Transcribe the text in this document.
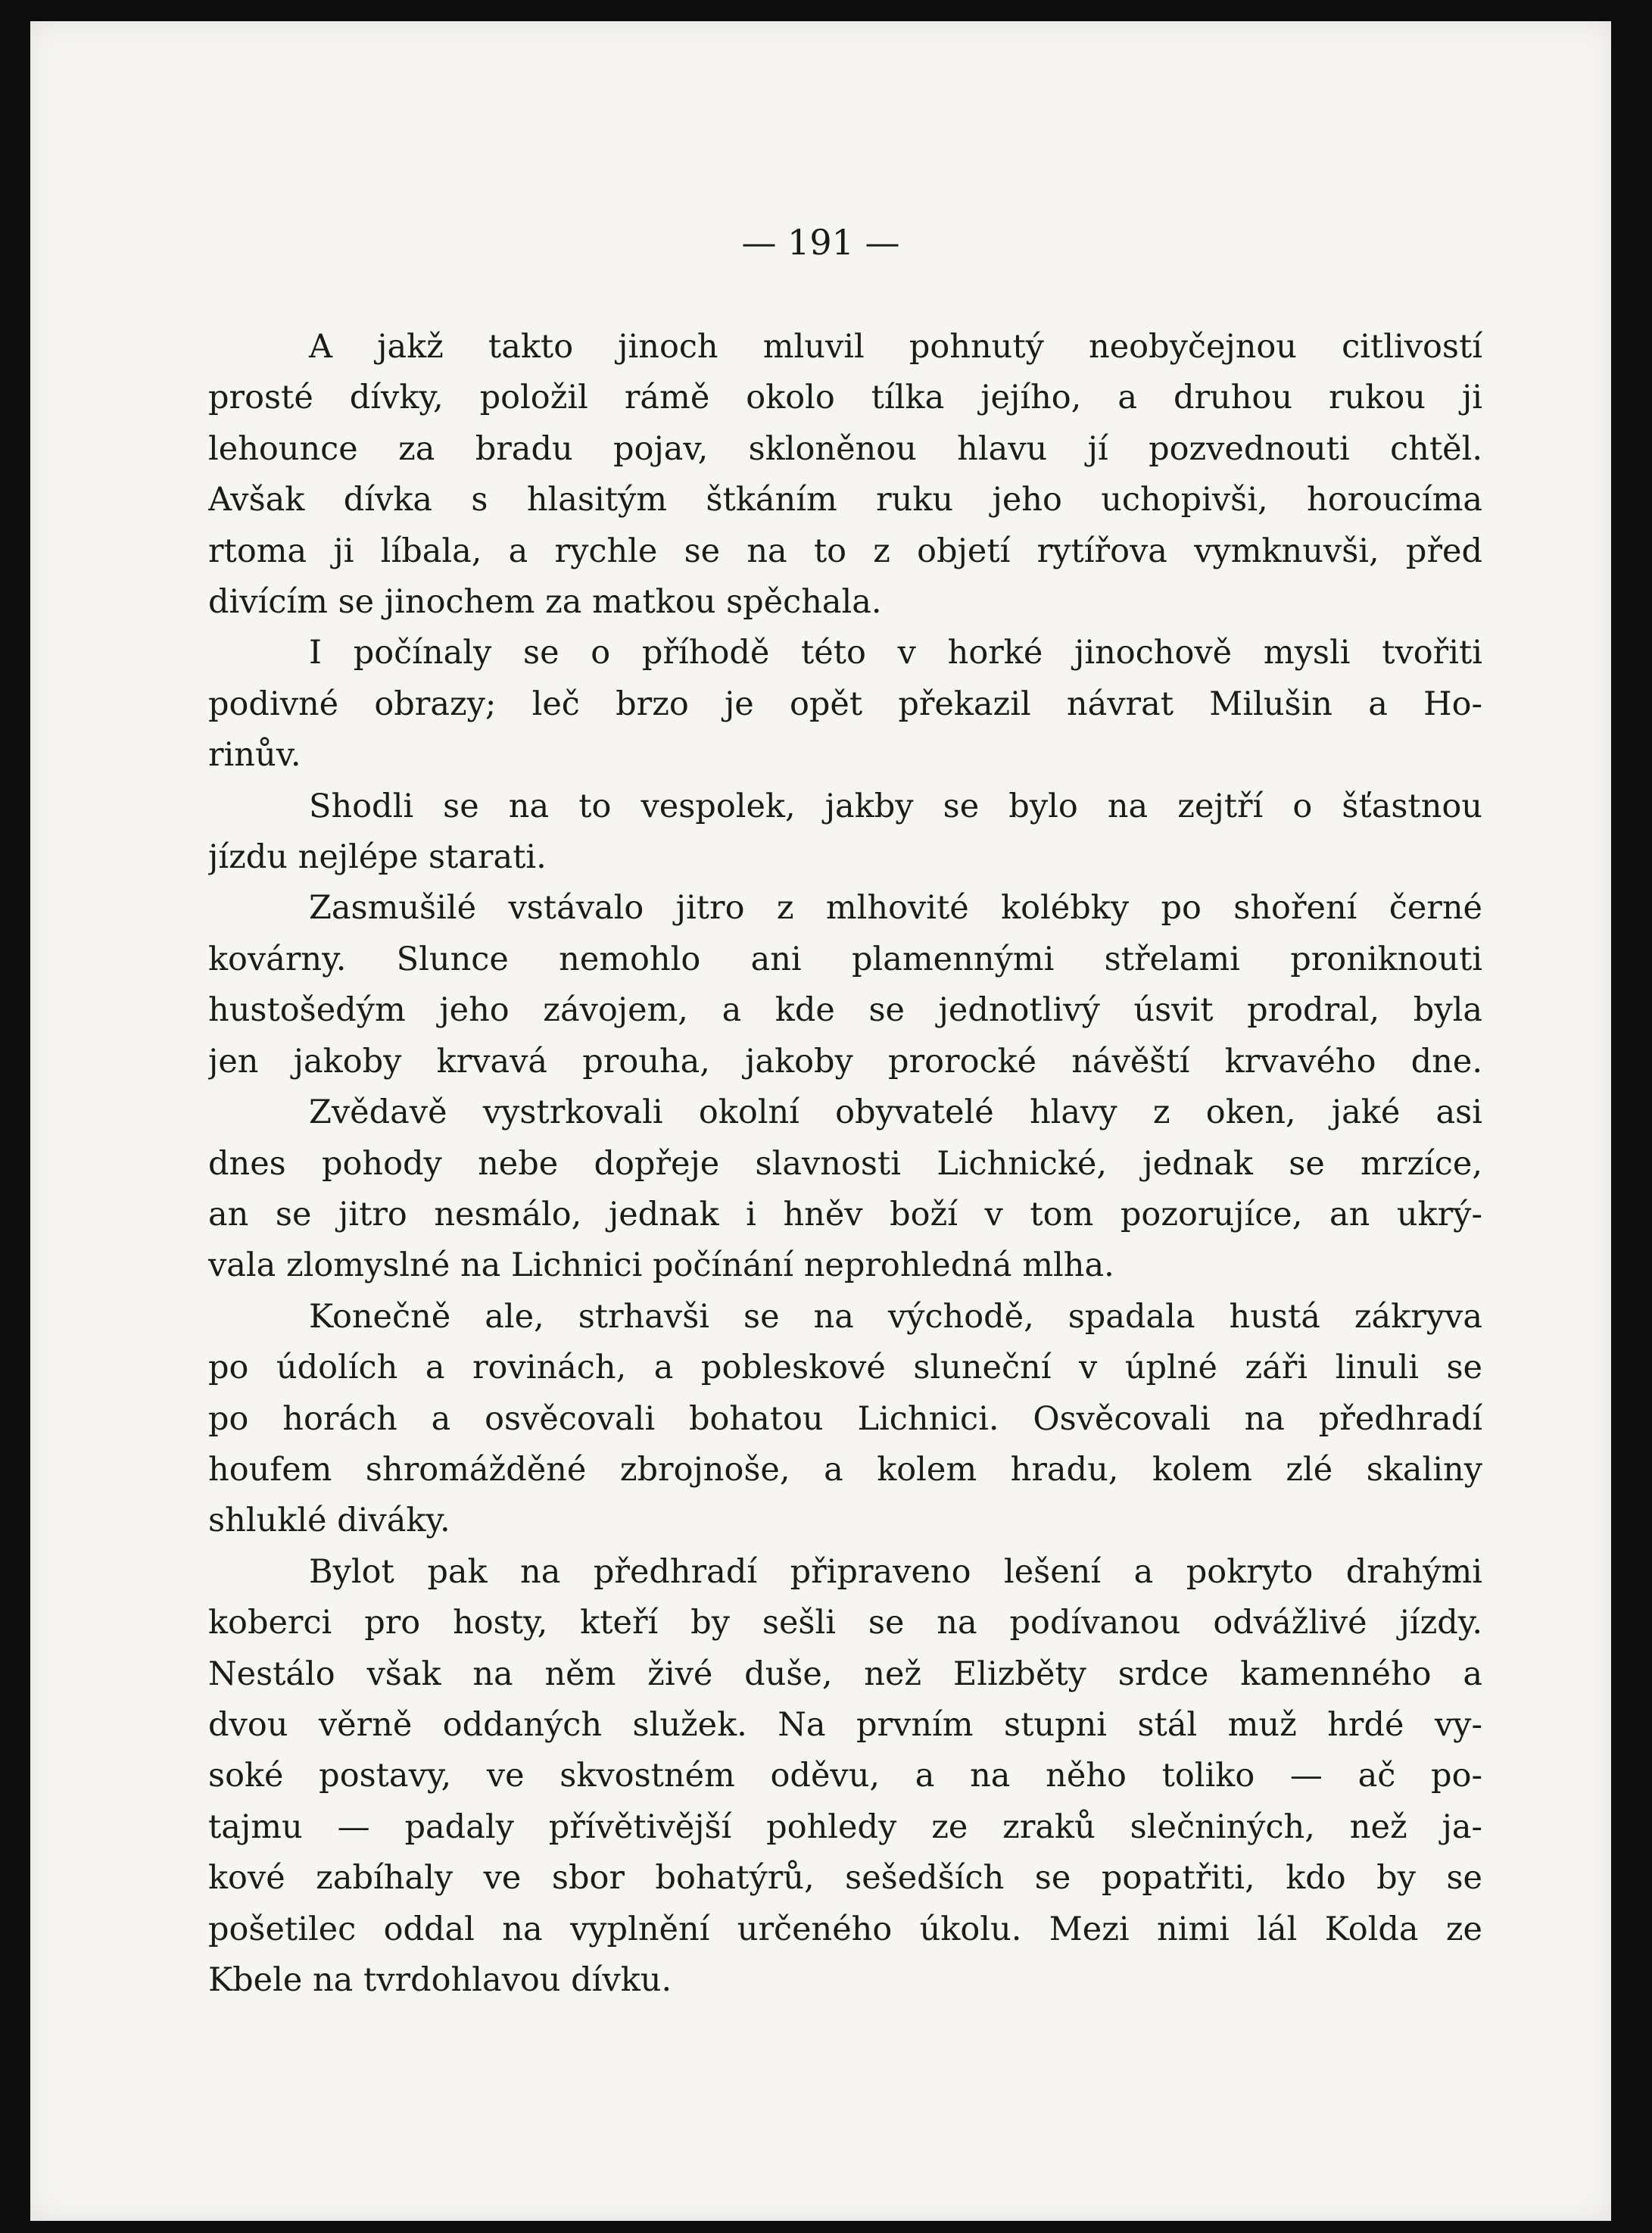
— 191 —
A jakž takto jinoch mluvil pohnutý neobyčejnou citlivostí
prosté dívky, položil rámě okolo tílka jejího, a druhou rukou ji
lehounce za bradu pojav, skloněnou hlavu jí pozvednouti chtěl.
Avšak dívka s hlasitým štkáním ruku jeho uchopivši, horoucíma
rtoma ji líbala, a rychle se na to z objetí rytířova vymknuvši, před
divícím se jinochem za matkou spěchala.
I počínaly se o příhodě této v horké jinochově mysli tvořiti
podivné obrazy; leč brzo je opět překazil návrat Milušin a Ho-
rinův.
Shodli se na to vespolek, jakby se bylo na zejtří o šťastnou
jízdu nejlépe starati.
Zasmušilé vstávalo jitro z mlhovité kolébky po shoření černé
kovárny. Slunce nemohlo ani plamennými střelami proniknouti
hustošedým jeho závojem, a kde se jednotlivý úsvit prodral, byla
jen jakoby krvavá prouha, jakoby prorocké návěští krvavého dne.
Zvědavě vystrkovali okolní obyvatelé hlavy z oken, jaké asi
dnes pohody nebe dopřeje slavnosti Lichnické, jednak se mrzíce,
an se jitro nesmálo, jednak i hněv boží v tom pozorujíce, an ukrý-
vala zlomyslné na Lichnici počínání neprohledná mlha.
Konečně ale, strhavši se na východě, spadala hustá zákryva
po údolích a rovinách, a pobleskové sluneční v úplné záři linuli se
po horách a osvěcovali bohatou Lichnici. Osvěcovali na předhradí
houfem shromážděné zbrojnoše, a kolem hradu, kolem zlé skaliny
shluklé diváky.
Bylot pak na předhradí připraveno lešení a pokryto drahými
koberci pro hosty, kteří by sešli se na podívanou odvážlivé jízdy.
Nestálo však na něm živé duše, než Elizběty srdce kamenného a
dvou věrně oddaných služek. Na prvním stupni stál muž hrdé vy-
soké postavy, ve skvostném oděvu, a na něho toliko — ač po-
tajmu — padaly přívětivější pohledy ze zraků slečniných, než ja-
kové zabíhaly ve sbor bohatýrů, sešedších se popatřiti, kdo by se
pošetilec oddal na vyplnění určeného úkolu. Mezi nimi lál Kolda ze
Kbele na tvrdohlavou dívku.
